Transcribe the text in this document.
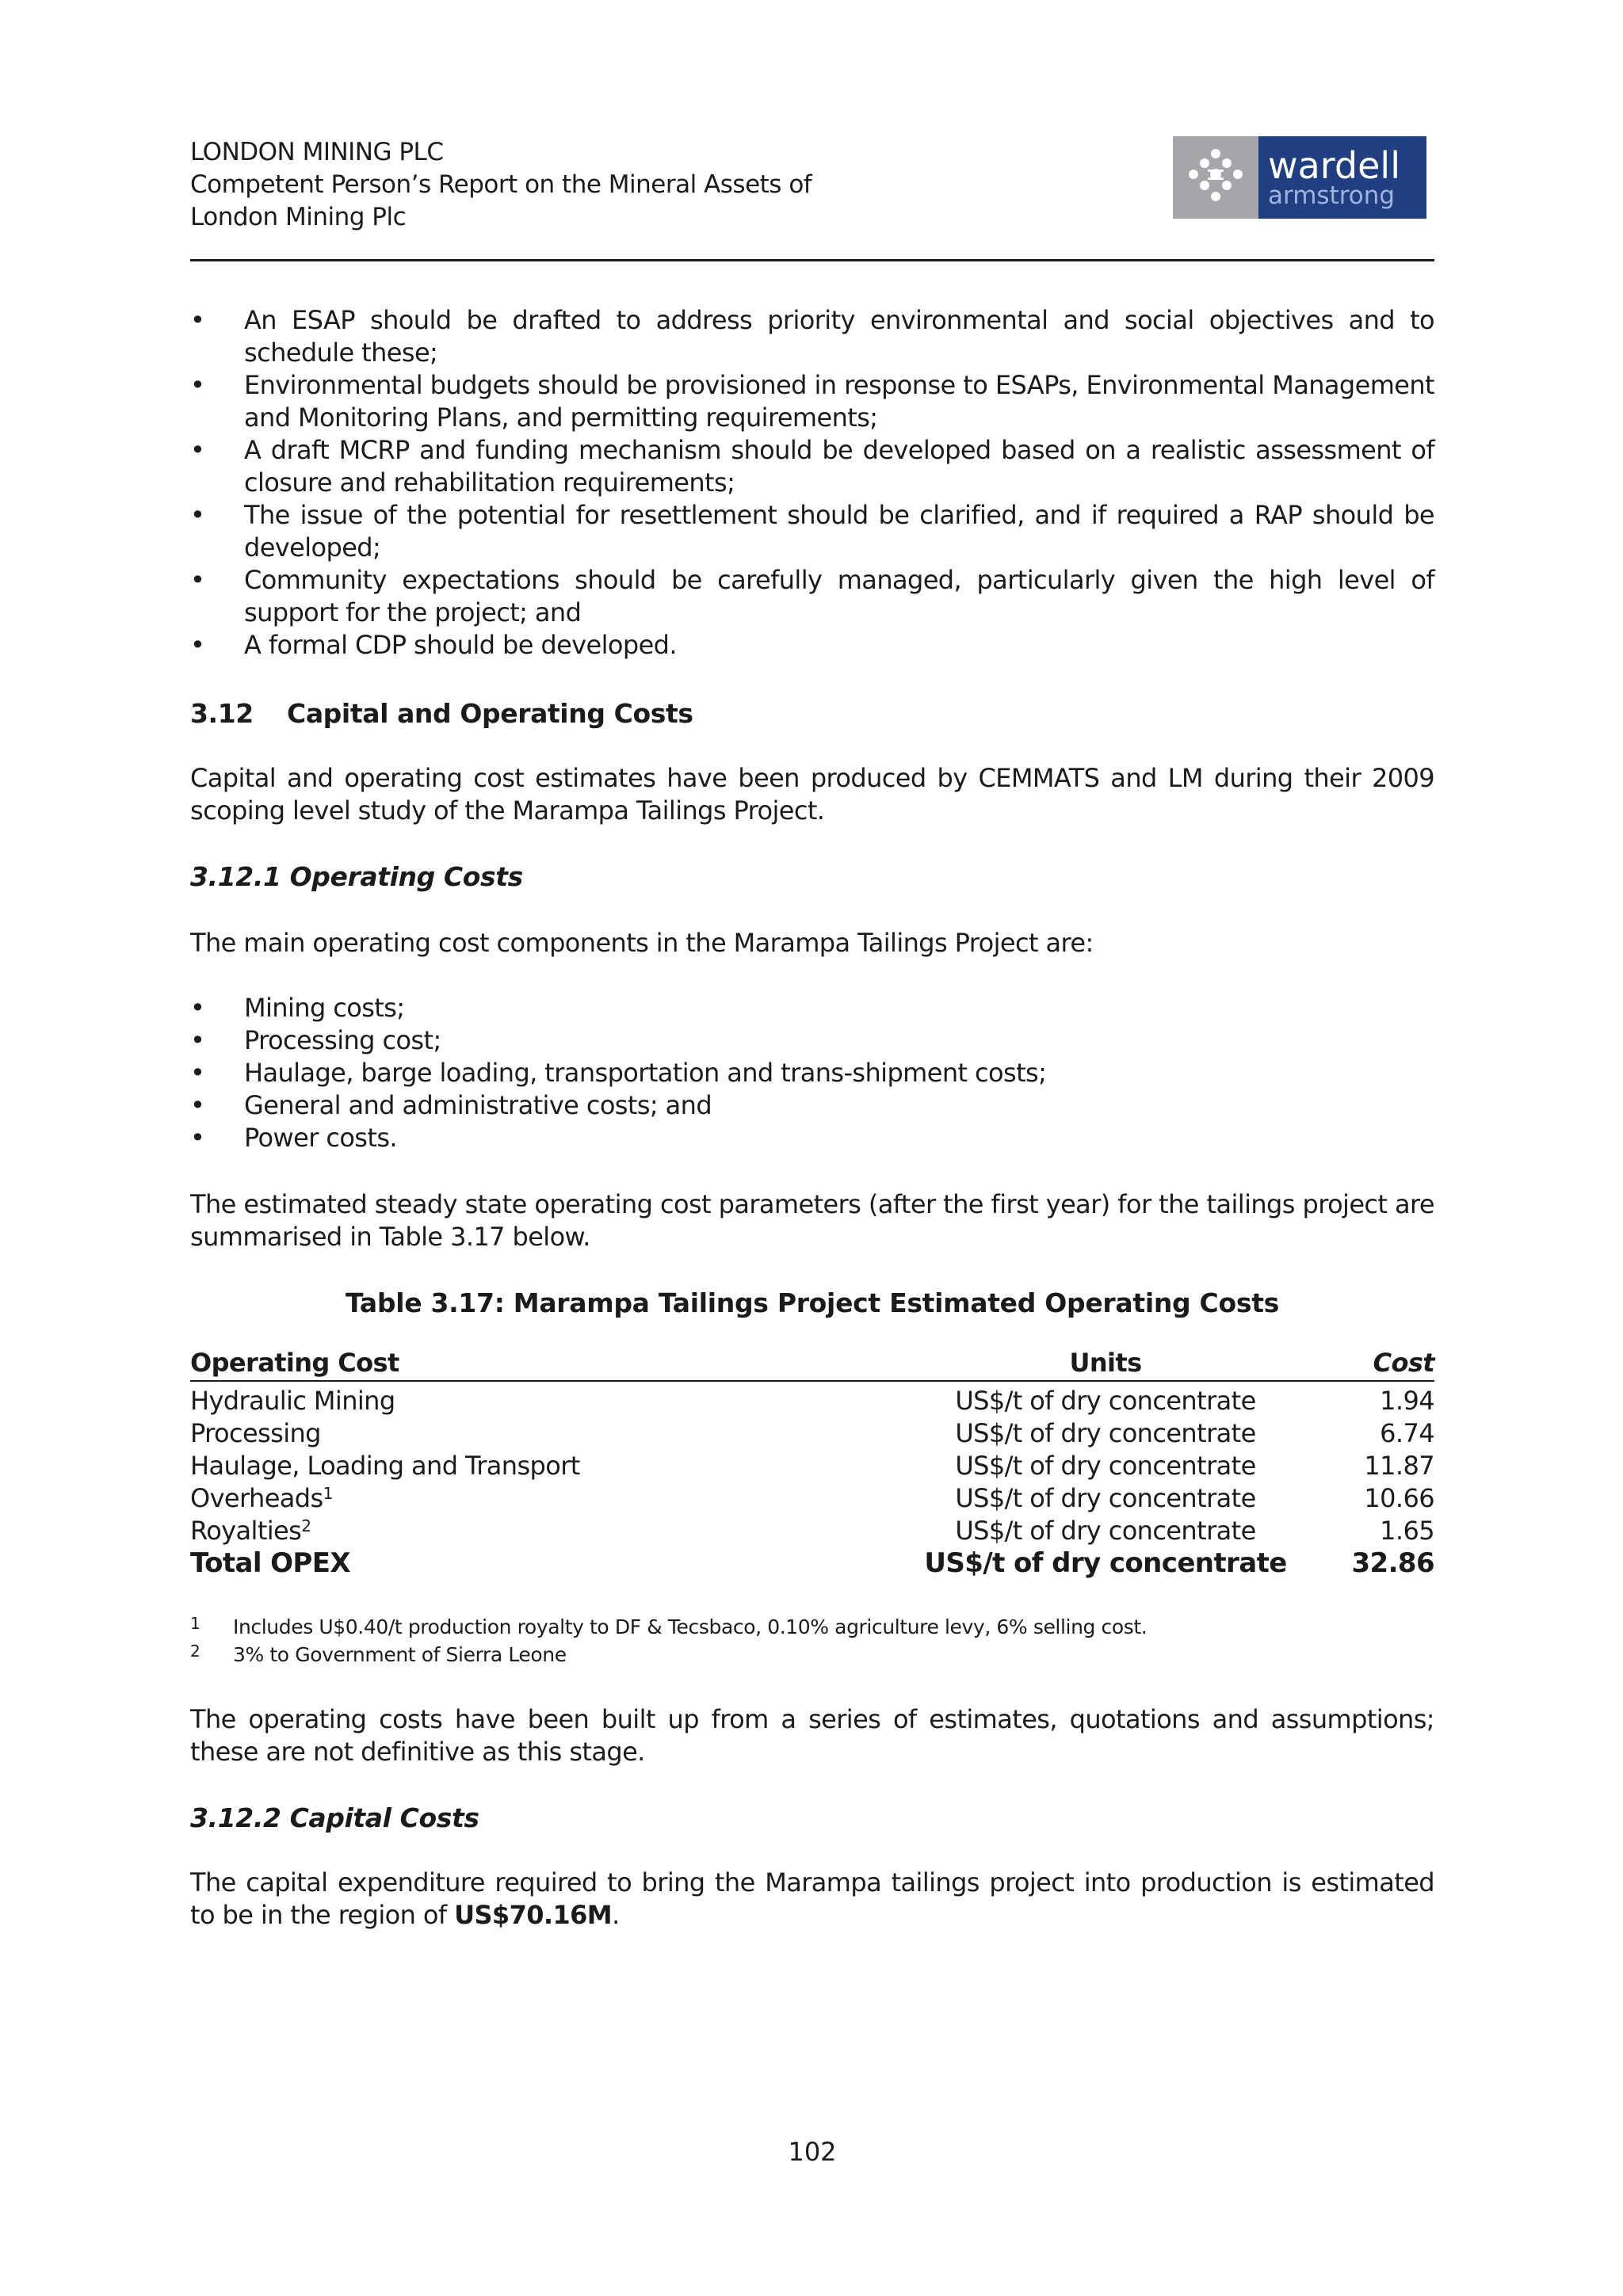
LONDON MINING PLC
Competent Person’s Report on the Mineral Assets of
London Mining Plc
wardell
armstrong
• An ESAP should be drafted to address priority environmental and social objectives and to schedule these;
• Environmental budgets should be provisioned in response to ESAPs, Environmental Management and Monitoring Plans, and permitting requirements;
• A draft MCRP and funding mechanism should be developed based on a realistic assessment of closure and rehabilitation requirements;
• The issue of the potential for resettlement should be clarified, and if required a RAP should be developed;
• Community expectations should be carefully managed, particularly given the high level of support for the project; and
• A formal CDP should be developed.
3.12 Capital and Operating Costs
Capital and operating cost estimates have been produced by CEMMATS and LM during their 2009 scoping level study of the Marampa Tailings Project.
3.12.1 Operating Costs
The main operating cost components in the Marampa Tailings Project are:
• Mining costs;
• Processing cost;
• Haulage, barge loading, transportation and trans-shipment costs;
• General and administrative costs; and
• Power costs.
The estimated steady state operating cost parameters (after the first year) for the tailings project are summarised in Table 3.17 below.
Table 3.17: Marampa Tailings Project Estimated Operating Costs
Operating Cost	Units	Cost
Hydraulic Mining	US$/t of dry concentrate	1.94
Processing	US$/t of dry concentrate	6.74
Haulage, Loading and Transport	US$/t of dry concentrate	11.87
Overheads$^1$	US$/t of dry concentrate	10.66
Royalties$^2$	US$/t of dry concentrate	1.65
Total OPEX	US$/t of dry concentrate	32.86
1 Includes U$0.40/t production royalty to DF & Tecsbaco, 0.10% agriculture levy, 6% selling cost.
2 3% to Government of Sierra Leone
The operating costs have been built up from a series of estimates, quotations and assumptions; these are not definitive as this stage.
3.12.2 Capital Costs
The capital expenditure required to bring the Marampa tailings project into production is estimated to be in the region of US$70.16M.
102
